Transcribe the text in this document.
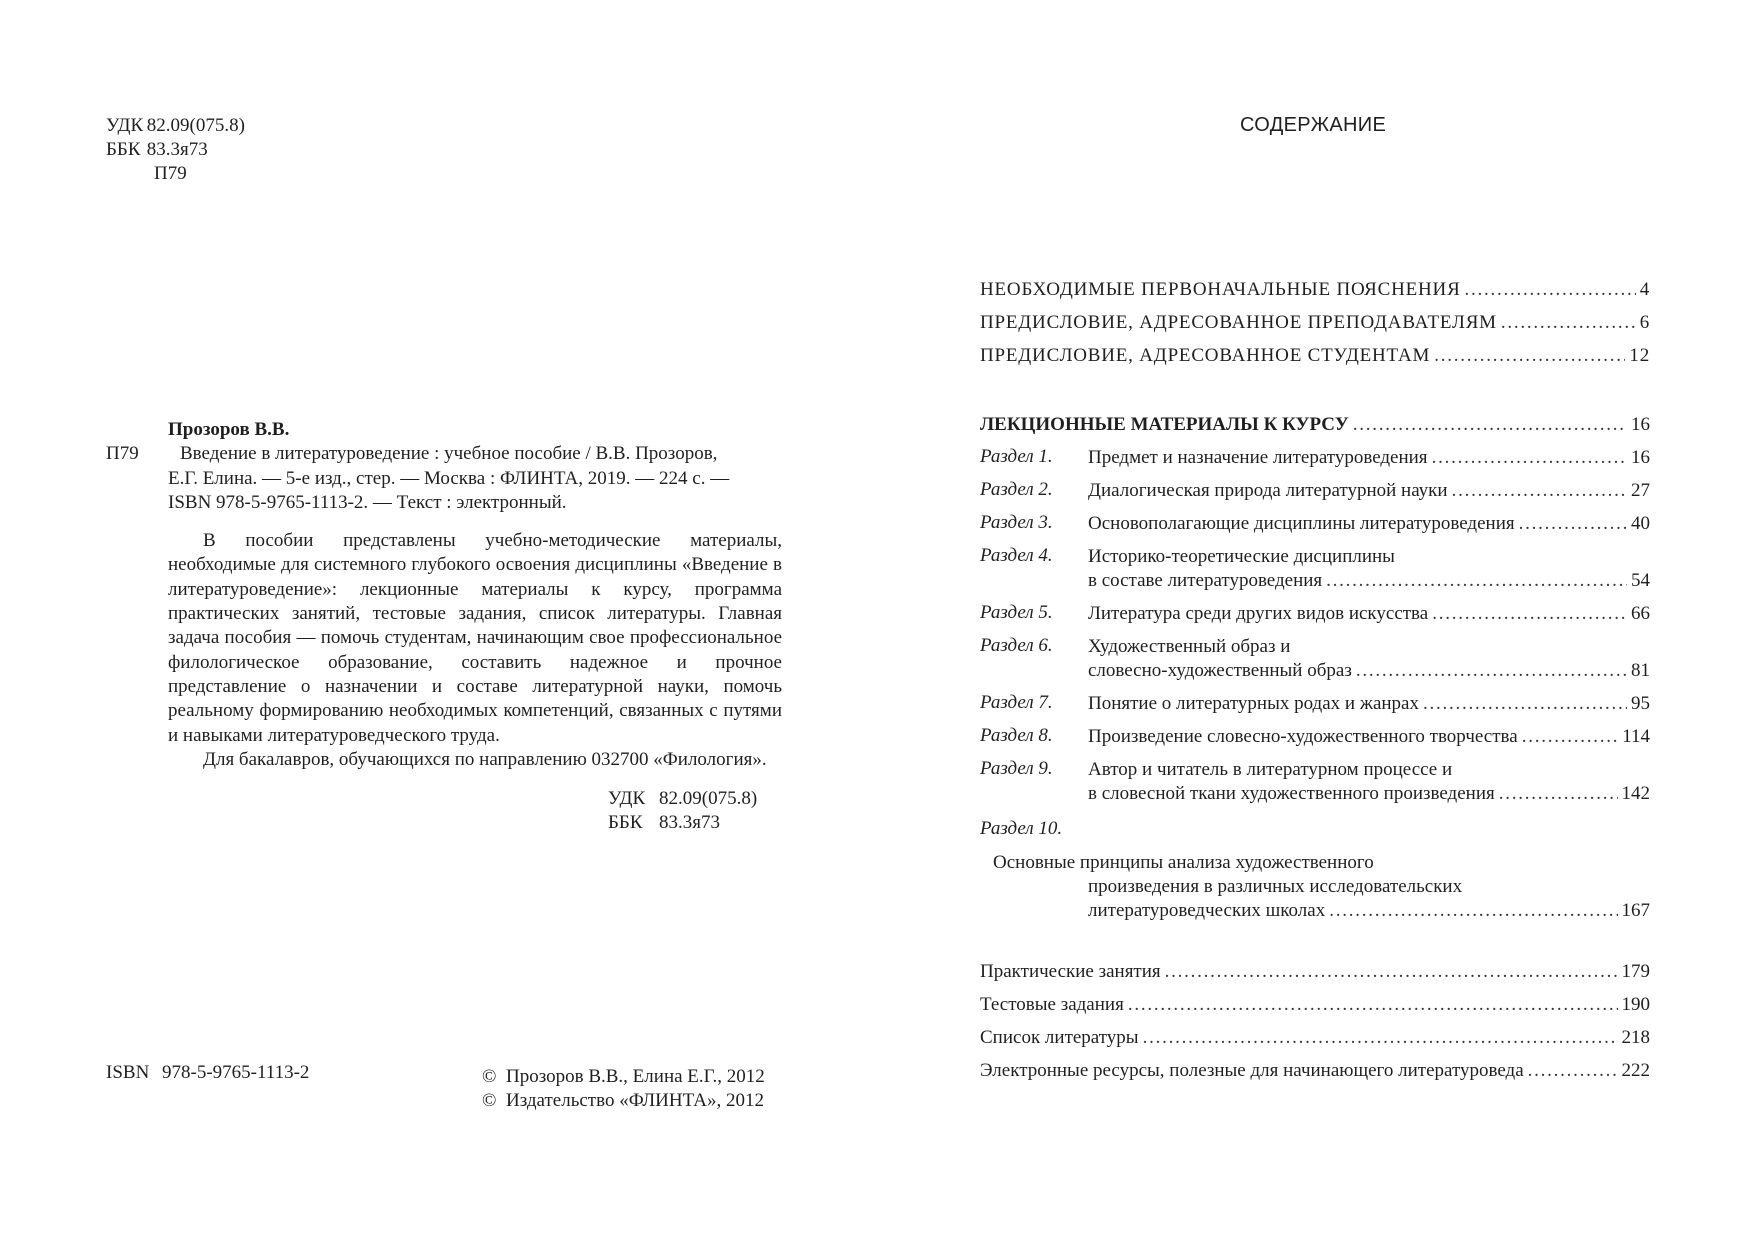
УДК 82.09(075.8)
ББК 83.3я73
П79
Прозоров В.В.
П79	Введение в литературоведение : учебное пособие / В.В. Прозоров,
Е.Г. Елина. — 5-е изд., стер. — Москва : ФЛИНТА, 2019. — 224 с. —
ISBN 978-5-9765-1113-2. — Текст : электронный.

В пособии представлены учебно-методические материалы, необходимые для системного глубокого освоения дисциплины «Введение в литературоведение»: лекционные материалы к курсу, программа практических занятий, тестовые задания, список литературы. Главная задача пособия — помочь студентам, начинающим свое профессиональное филологическое образование, составить надежное и прочное представление о назначении и составе литературной науки, помочь реальному формированию необходимых компетенций, связанных с путями и навыками литературоведческого труда.

Для бакалавров, обучающихся по направлению 032700 «Филология».

УДК 82.09(075.8)
ББК 83.3я73
ISBN 978-5-9765-1113-2	© Прозоров В.В., Елина Е.Г., 2012
© Издательство «ФЛИНТА», 2012
СОДЕРЖАНИЕ
НЕОБХОДИМЫЕ ПЕРВОНАЧАЛЬНЫЕ ПОЯСНЕНИЯ . . .	4
ПРЕДИСЛОВИЕ, АДРЕСОВАННОЕ ПРЕПОДАВАТЕЛЯМ . . .	6
ПРЕДИСЛОВИЕ, АДРЕСОВАННОЕ СТУДЕНТАМ . . .	12
ЛЕКЦИОННЫЕ МАТЕРИАЛЫ К КУРСУ . . .	16
Раздел 1. Предмет и назначение литературоведения . . .	16
Раздел 2. Диалогическая природа литературной науки . . .	27
Раздел 3. Основополагающие дисциплины литературоведения . . .	40
Раздел 4. Историко-теоретические дисциплины
в составе литературоведения . . .	54
Раздел 5. Литература среди других видов искусства . . .	66
Раздел 6. Художественный образ и
словесно-художественный образ . . .	81
Раздел 7. Понятие о литературных родах и жанрах . . .	95
Раздел 8. Произведение словесно-художественного творчества . . .	114
Раздел 9. Автор и читатель в литературном процессе и
в словесной ткани художественного произведения . . .	142
Раздел 10.
Основные принципы анализа художественного
произведения в различных исследовательских
литературоведческих школах . . .	167
Практические занятия . . .	179
Тестовые задания . . .	190
Список литературы . . .	218
Электронные ресурсы, полезные для начинающего литературоведа . . .	222
